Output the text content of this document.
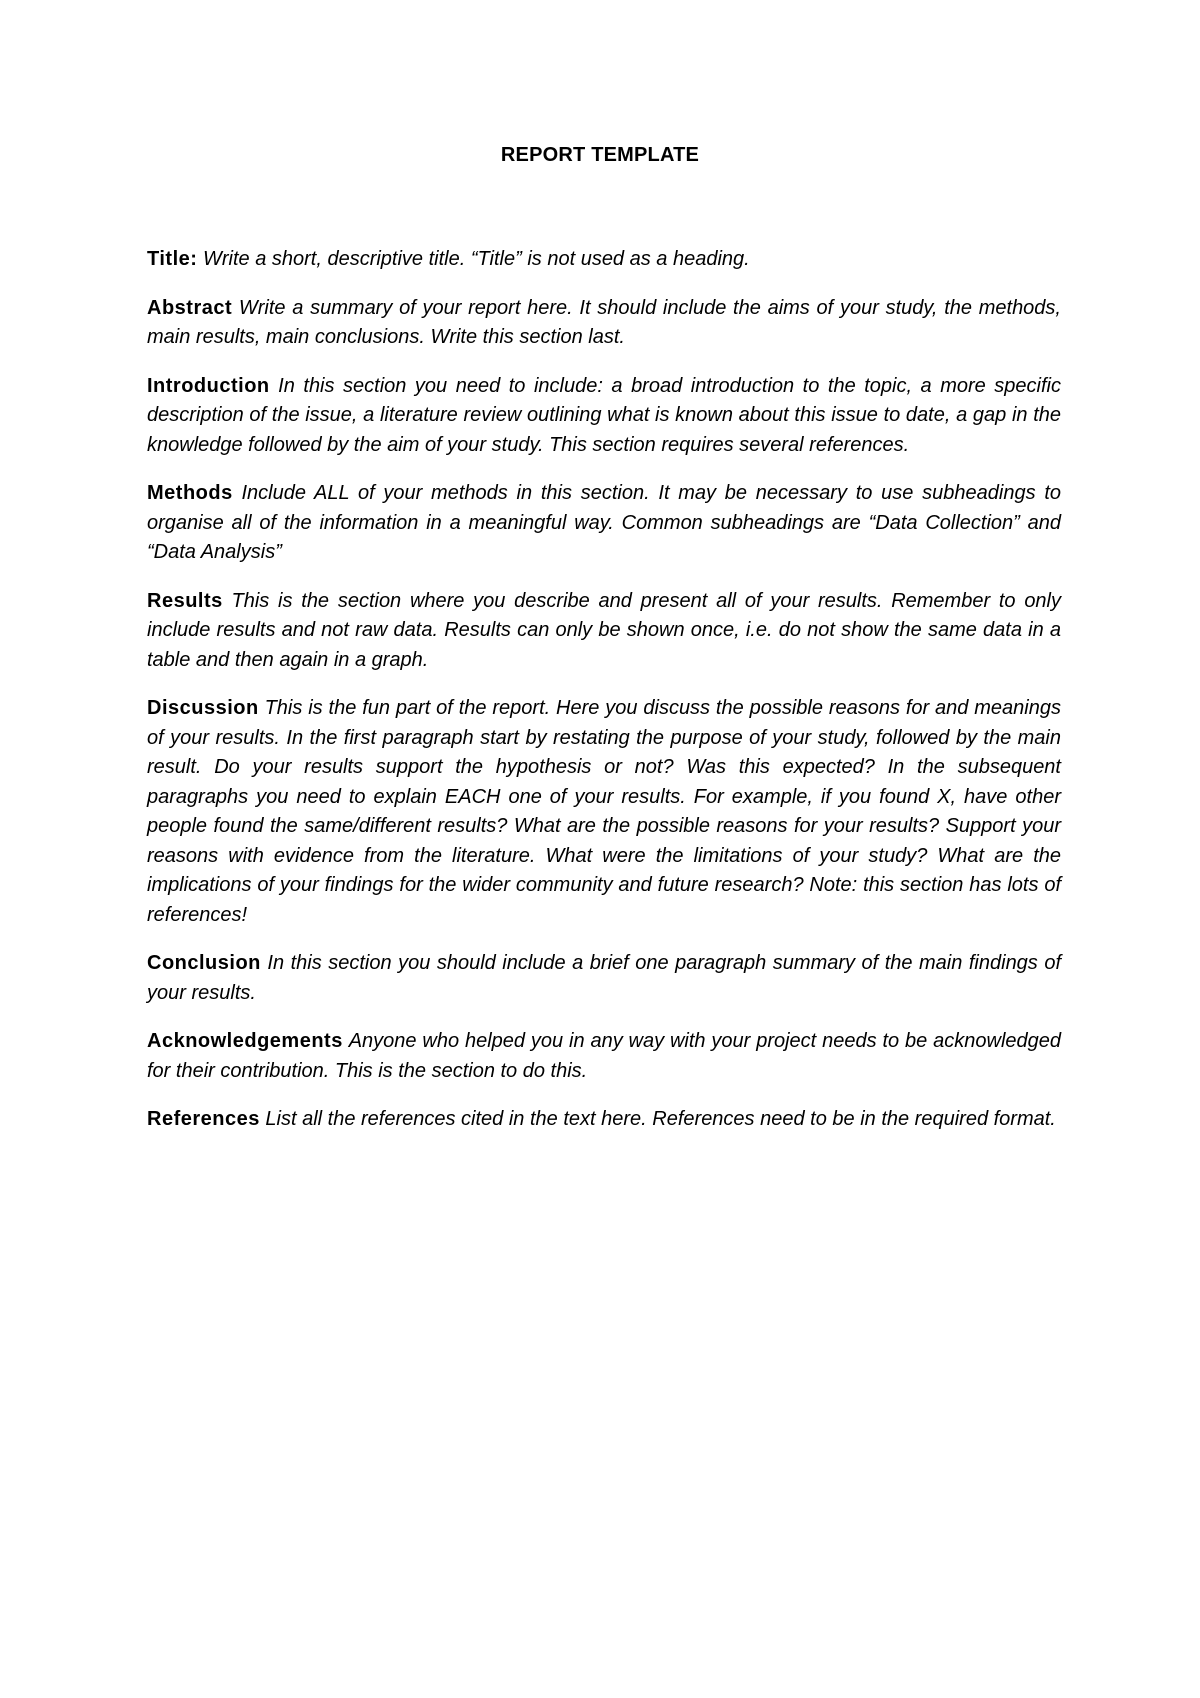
REPORT TEMPLATE

Title: Write a short, descriptive title. “Title” is not used as a heading.

Abstract Write a summary of your report here. It should include the aims of your study, the methods, main results, main conclusions. Write this section last.

Introduction In this section you need to include: a broad introduction to the topic, a more specific description of the issue, a literature review outlining what is known about this issue to date, a gap in the knowledge followed by the aim of your study. This section requires several references.

Methods Include ALL of your methods in this section. It may be necessary to use subheadings to organise all of the information in a meaningful way. Common subheadings are “Data Collection” and “Data Analysis”

Results This is the section where you describe and present all of your results. Remember to only include results and not raw data. Results can only be shown once, i.e. do not show the same data in a table and then again in a graph.

Discussion This is the fun part of the report. Here you discuss the possible reasons for and meanings of your results. In the first paragraph start by restating the purpose of your study, followed by the main result. Do your results support the hypothesis or not? Was this expected? In the subsequent paragraphs you need to explain EACH one of your results. For example, if you found X, have other people found the same/different results? What are the possible reasons for your results? Support your reasons with evidence from the literature. What were the limitations of your study? What are the implications of your findings for the wider community and future research? Note: this section has lots of references!

Conclusion In this section you should include a brief one paragraph summary of the main findings of your results.

Acknowledgements Anyone who helped you in any way with your project needs to be acknowledged for their contribution. This is the section to do this.

References List all the references cited in the text here. References need to be in the required format.
